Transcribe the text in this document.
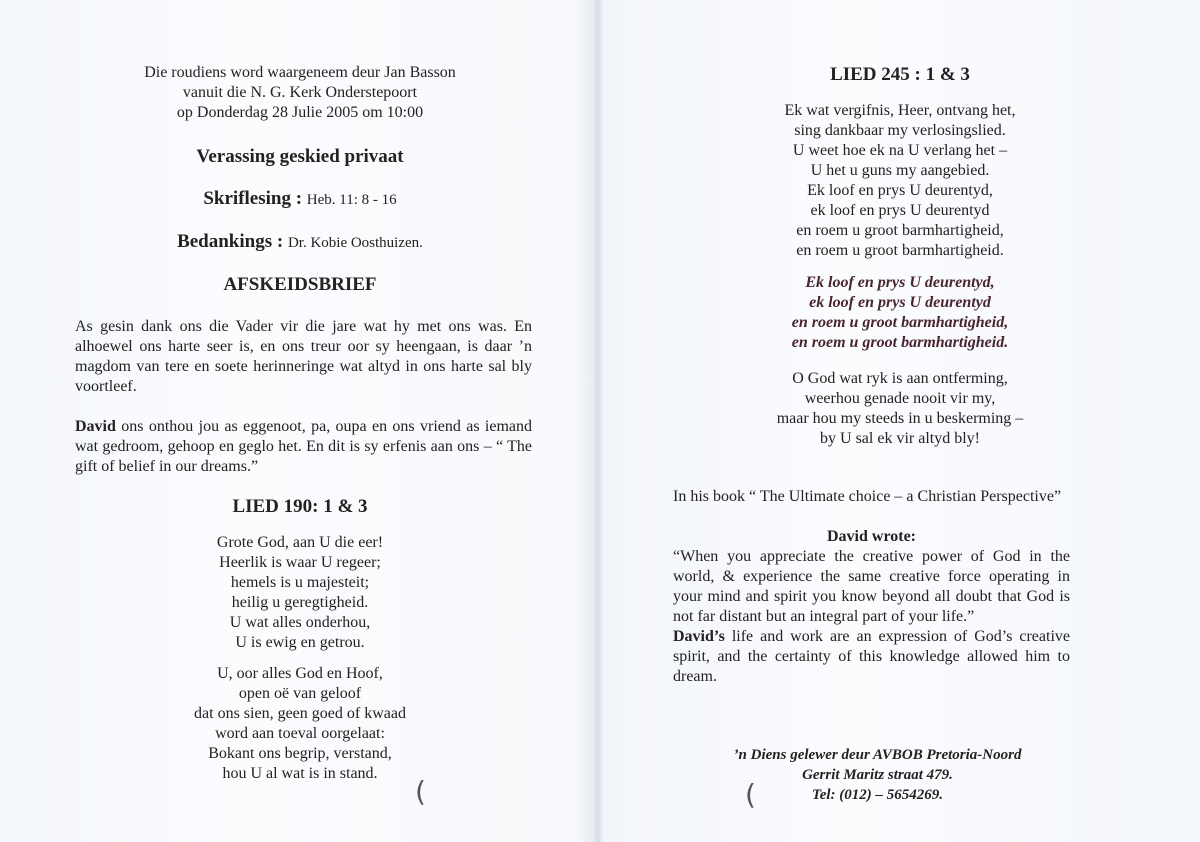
Die roudiens word waargeneem deur Jan Basson
vanuit die N. G. Kerk Onderstepoort
op Donderdag 28 Julie 2005 om 10:00
Verassing geskied privaat
Skriflesing : Heb. 11: 8 - 16
Bedankings : Dr. Kobie Oosthuizen.
AFSKEIDSBRIEF
As gesin dank ons die Vader vir die jare wat hy met ons was. En alhoewel ons harte seer is, en ons treur oor sy heengaan, is daar ’n magdom van tere en soete herinneringe wat altyd in ons harte sal bly voortleef.
David ons onthou jou as eggenoot, pa, oupa en ons vriend as iemand wat gedroom, gehoop en geglo het. En dit is sy erfenis aan ons – “ The gift of belief in our dreams.”
LIED 190: 1 & 3
Grote God, aan U die eer!
Heerlik is waar U regeer;
hemels is u majesteit;
heilig u geregtigheid.
U wat alles onderhou,
U is ewig en getrou.
U, oor alles God en Hoof,
open oë van geloof
dat ons sien, geen goed of kwaad
word aan toeval oorgelaat:
Bokant ons begrip, verstand,
hou U al wat is in stand.
(
LIED 245 : 1 & 3
Ek wat vergifnis, Heer, ontvang het,
sing dankbaar my verlosingslied.
U weet hoe ek na U verlang het –
U het u guns my aangebied.
Ek loof en prys U deurentyd,
ek loof en prys U deurentyd
en roem u groot barmhartigheid,
en roem u groot barmhartigheid.
Ek loof en prys U deurentyd,
ek loof en prys U deurentyd
en roem u groot barmhartigheid,
en roem u groot barmhartigheid.
O God wat ryk is aan ontferming,
weerhou genade nooit vir my,
maar hou my steeds in u beskerming –
by U sal ek vir altyd bly!
In his book “ The Ultimate choice – a Christian Perspective”
David wrote:
“When you appreciate the creative power of God in the world, & experience the same creative force operating in your mind and spirit you know beyond all doubt that God is not far distant but an integral part of your life.”
David’s life and work are an expression of God’s creative spirit, and the certainty of this knowledge allowed him to dream.
’n Diens gelewer deur AVBOB Pretoria-Noord
Gerrit Maritz straat 479.
Tel: (012) – 5654269.
(
